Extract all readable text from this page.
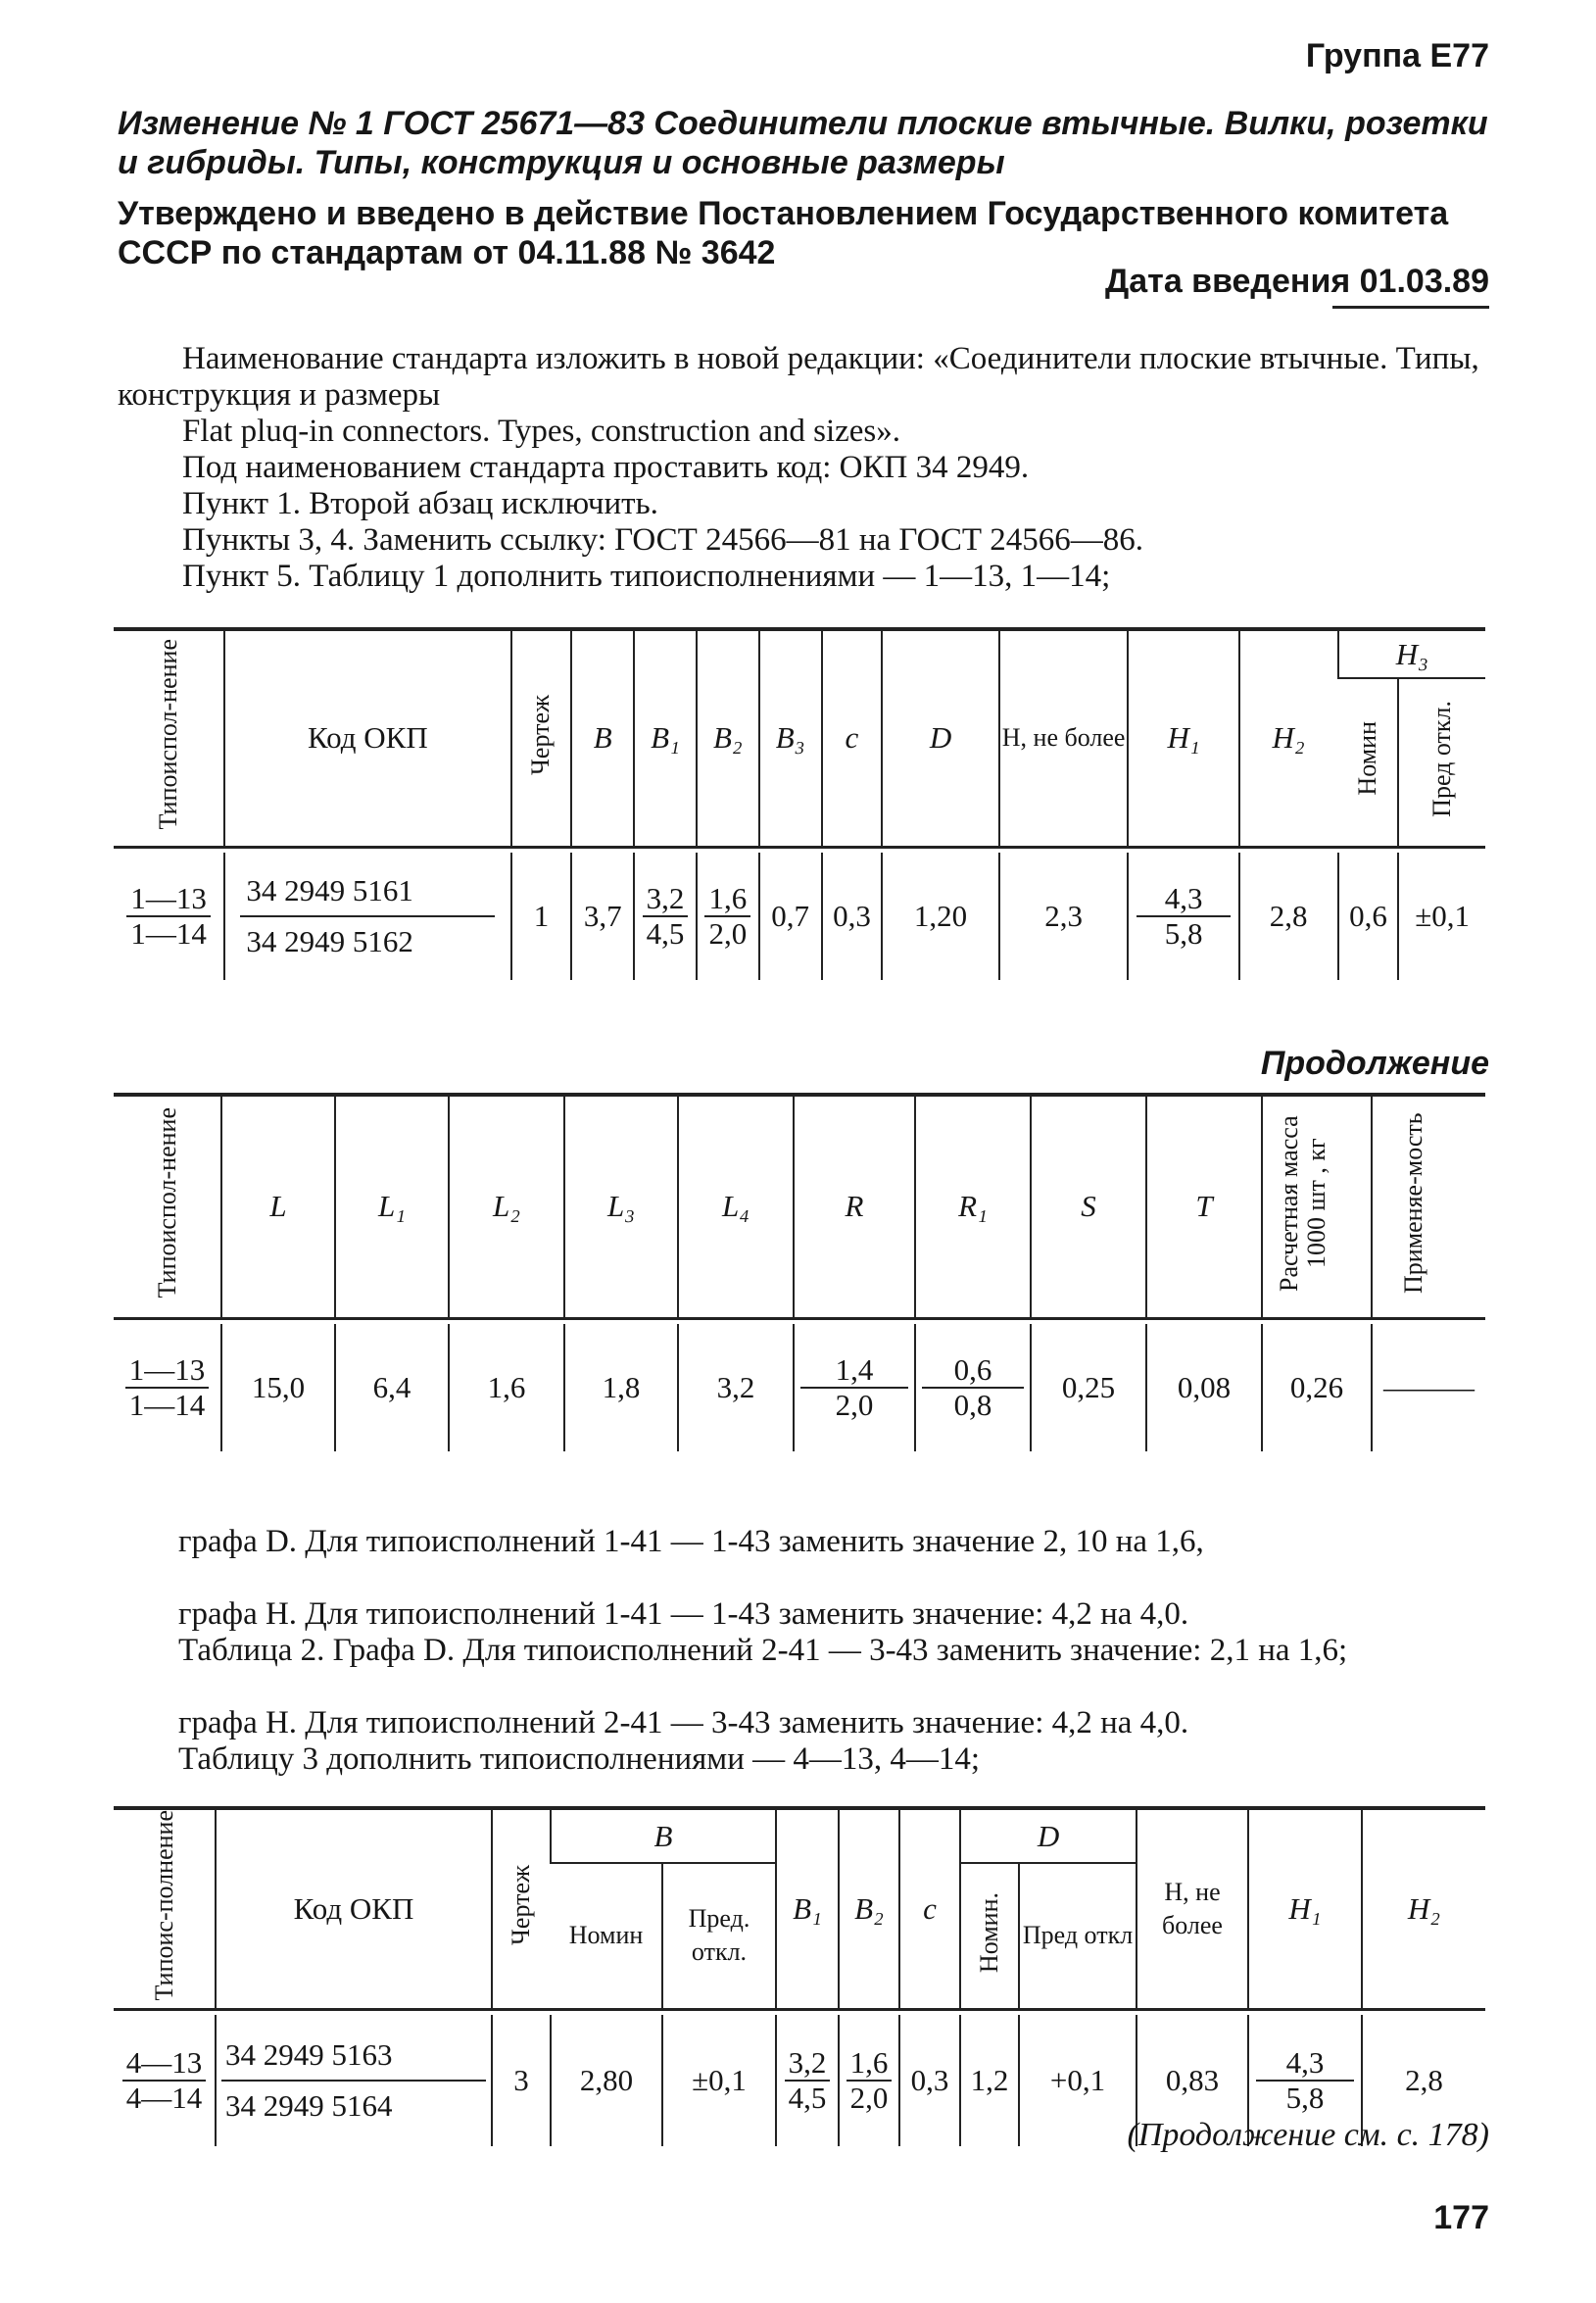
Группа Е77
Изменение № 1 ГОСТ 25671—83 Соединители плоские втычные. Вилки, розетки и гибриды. Типы, конструкция и основные размеры
Утверждено и введено в действие Постановлением Государственного комитета СССР по стандартам от 04.11.88 № 3642
Дата введения 01.03.89
Наименование стандарта изложить в новой редакции: «Соединители плоские втычные. Типы, конструкция и размеры
Flat pluq-in connectors. Types, construction and sizes».
Под наименованием стандарта проставить код: ОКП 34 2949.
Пункт 1. Второй абзац исключить.
Пункты 3, 4. Заменить ссылку: ГОСТ 24566—81 на ГОСТ 24566—86.
Пункт 5. Таблицу 1 дополнить типоисполнениями — 1—13, 1—14;
Типоиспол-нение	Код ОКП	Чертеж	B	B₁	B₂	B₃	c	D	H, не более	H₁	H₂	H₃	
												Номин	Пред откл.

$\frac{1—13}{1—14}$	$\frac{34 2949 5161}{34 2949 5162}$	1	3,7	$\frac{3,2}{4,5}$	$\frac{1,6}{2,0}$	0,7	0,3	1,20	2,3	$\frac{4,3}{5,8}$	2,8	0,6	±0,1
Продолжение
Типоиспол-нение	L	L₁	L₂	L₃	L₄	R	R₁	S	T	Расчетная масса 1000 шт , кг	Применяе-мость

$\frac{1—13}{1—14}$	15,0	6,4	1,6	1,8	3,2	$\frac{1,4}{2,0}$	$\frac{0,6}{0,8}$	0,25	0,08	0,26	———
графа D. Для типоисполнений 1-41 — 1-43 заменить значение 2, 10 на 1,6,
графа H. Для типоисполнений 1-41 — 1-43 заменить значение: 4,2 на 4,0.
Таблица 2. Графа D. Для типоисполнений 2-41 — 3-43 заменить значение: 2,1 на 1,6;
графа H. Для типоисполнений 2-41 — 3-43 заменить значение: 4,2 на 4,0.
Таблицу 3 дополнить типоисполнениями — 4—13, 4—14;
Типоис-полнение	Код ОКП	Чертеж	B		B₁	B₂	c	D		H, не более	H₁	H₂
			Номин	Пред. откл.				Номин.	Пред откл			

$\frac{4—13}{4—14}$	$\frac{34 2949 5163}{34 2949 5164}$	3	2,80	±0,1	$\frac{3,2}{4,5}$	$\frac{1,6}{2,0}$	0,3	1,2	+0,1	0,83	$\frac{4,3}{5,8}$	2,8
(Продолжение см. с. 178)
177
